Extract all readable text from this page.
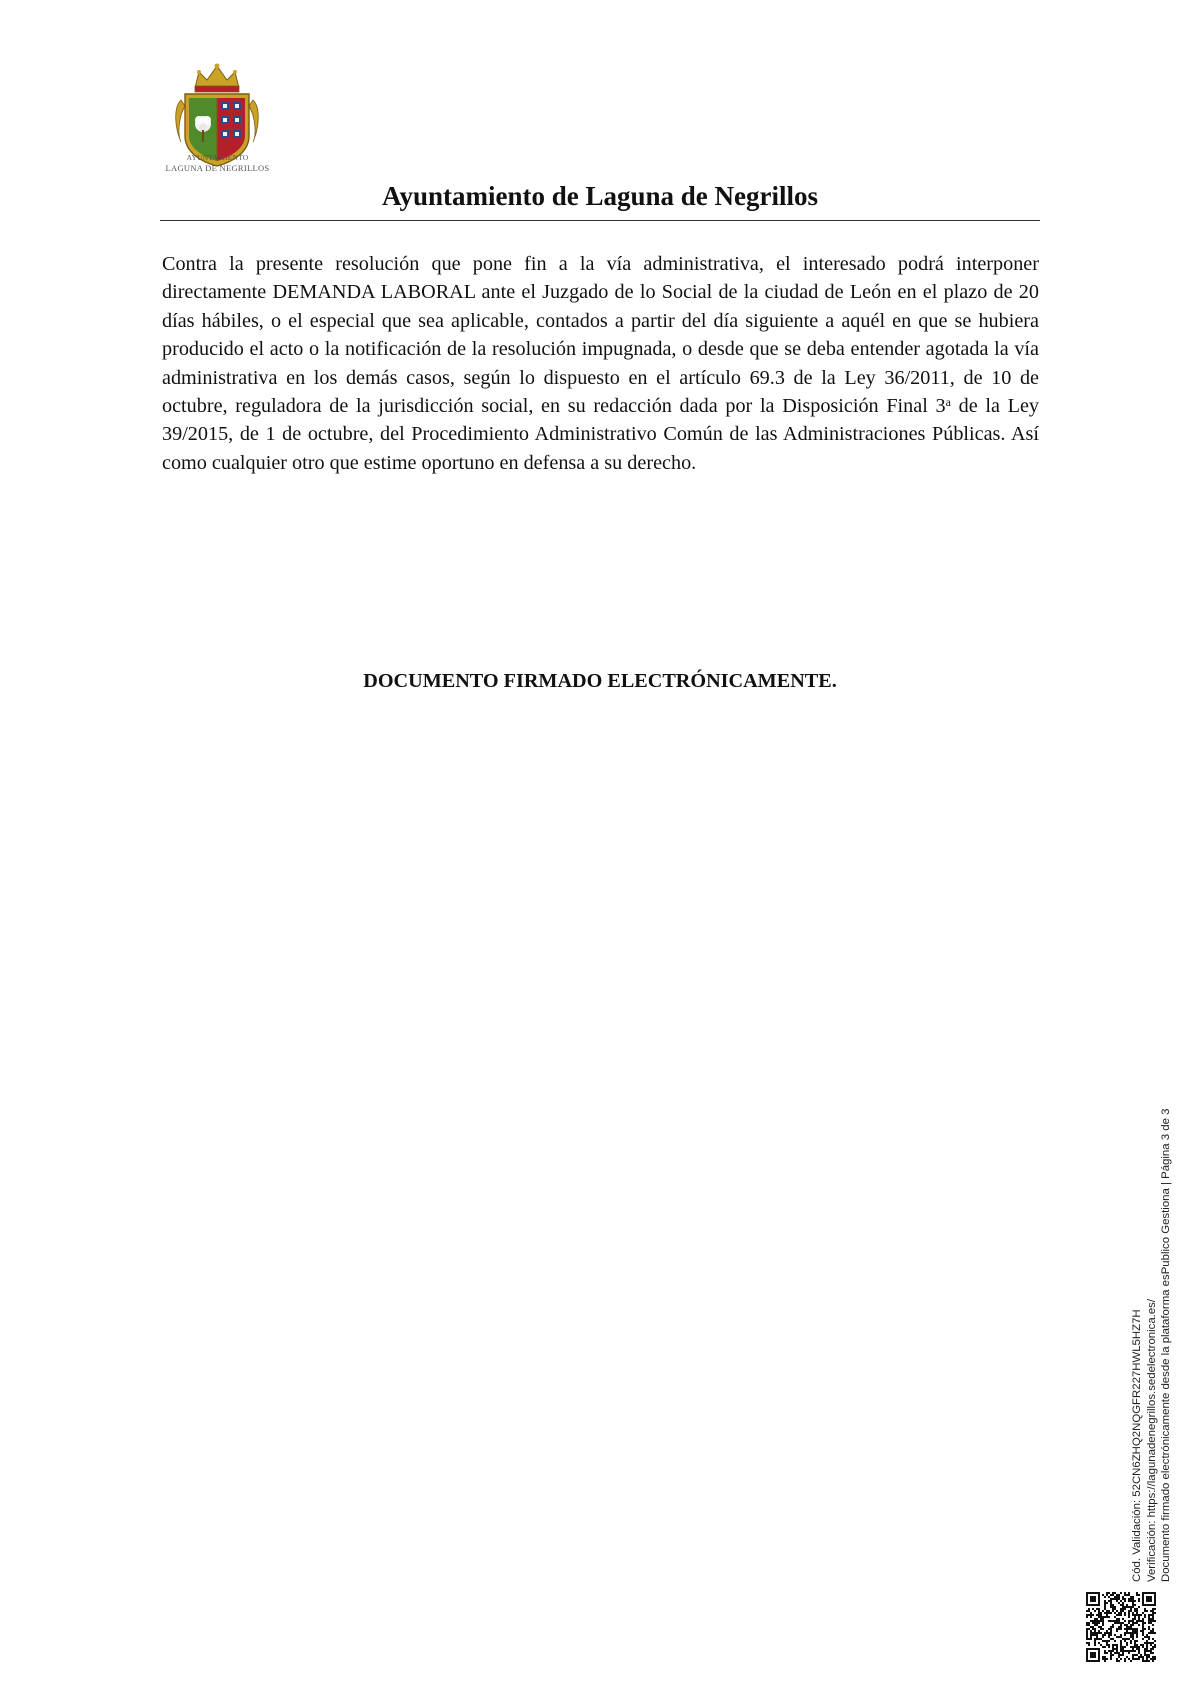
AYUNTAMIENTO
LAGUNA DE NEGRILLOS
Ayuntamiento de Laguna de Negrillos

Contra la presente resolución que pone fin a la vía administrativa, el interesado podrá interponer directamente DEMANDA LABORAL ante el Juzgado de lo Social de la ciudad de León en el plazo de 20 días hábiles, o el especial que sea aplicable, contados a partir del día siguiente a aquél en que se hubiera producido el acto o la notificación de la resolución impugnada, o desde que se deba entender agotada la vía administrativa en los demás casos, según lo dispuesto en el artículo 69.3 de la Ley 36/2011, de 10 de octubre, reguladora de la jurisdicción social, en su redacción dada por la Disposición Final 3$^a$ de la Ley 39/2015, de 1 de octubre, del Procedimiento Administrativo Común de las Administraciones Públicas. Así como cualquier otro que estime oportuno en defensa a su derecho.

DOCUMENTO FIRMADO ELECTRÓNICAMENTE.

Cód. Validación: 52CN6ZHQ2NQGFR227HWL5HZ7H Verificación: https://lagunadenegrillos.sedelectronica.es/ Documento firmado electrónicamente desde la plataforma esPublico Gestiona | Página 3 de 3
